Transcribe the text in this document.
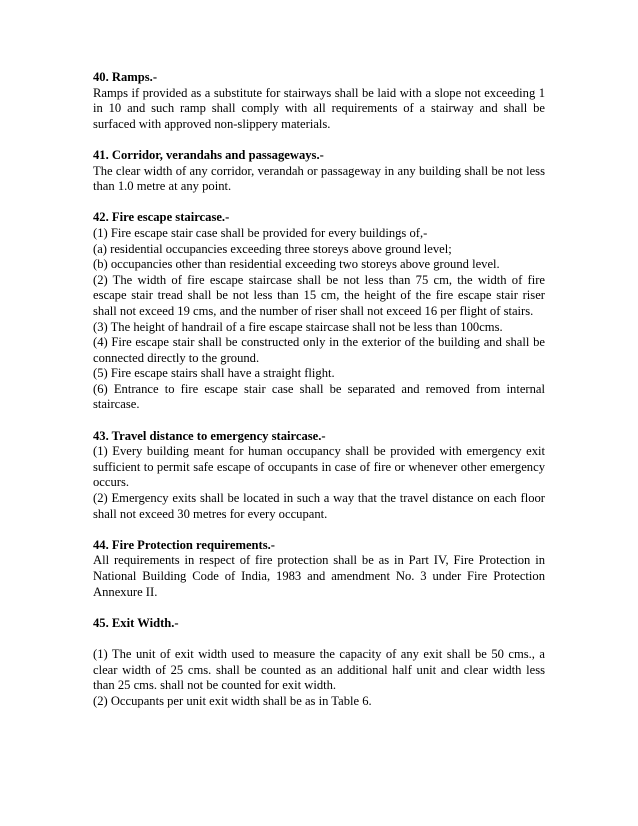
40. Ramps.-

Ramps if provided as a substitute for stairways shall be laid with a slope not exceeding 1 in 10 and such ramp shall comply with all requirements of a stairway and shall be surfaced with approved non-slippery materials.

41. Corridor, verandahs and passageways.-

The clear width of any corridor, verandah or passageway in any building shall be not less than 1.0 metre at any point.

42. Fire escape staircase.-

(1) Fire escape stair case shall be provided for every buildings of,-

(a) residential occupancies exceeding three storeys above ground level;

(b) occupancies other than residential exceeding two storeys above ground level.

(2) The width of fire escape staircase shall be not less than 75 cm, the width of fire escape stair tread shall be not less than 15 cm, the height of the fire escape stair riser shall not exceed 19 cms, and the number of riser shall not exceed 16 per flight of stairs.

(3) The height of handrail of a fire escape staircase shall not be less than 100cms.

(4) Fire escape stair shall be constructed only in the exterior of the building and shall be connected directly to the ground.

(5) Fire escape stairs shall have a straight flight.

(6) Entrance to fire escape stair case shall be separated and removed from internal staircase.

43. Travel distance to emergency staircase.-

(1) Every building meant for human occupancy shall be provided with emergency exit sufficient to permit safe escape of occupants in case of fire or whenever other emergency occurs.

(2) Emergency exits shall be located in such a way that the travel distance on each floor shall not exceed 30 metres for every occupant.

44. Fire Protection requirements.-

All requirements in respect of fire protection shall be as in Part IV, Fire Protection in National Building Code of India, 1983 and amendment No. 3 under Fire Protection Annexure II.

45. Exit Width.-

(1) The unit of exit width used to measure the capacity of any exit shall be 50 cms., a clear width of 25 cms. shall be counted as an additional half unit and clear width less than 25 cms. shall not be counted for exit width.

(2) Occupants per unit exit width shall be as in Table 6.
